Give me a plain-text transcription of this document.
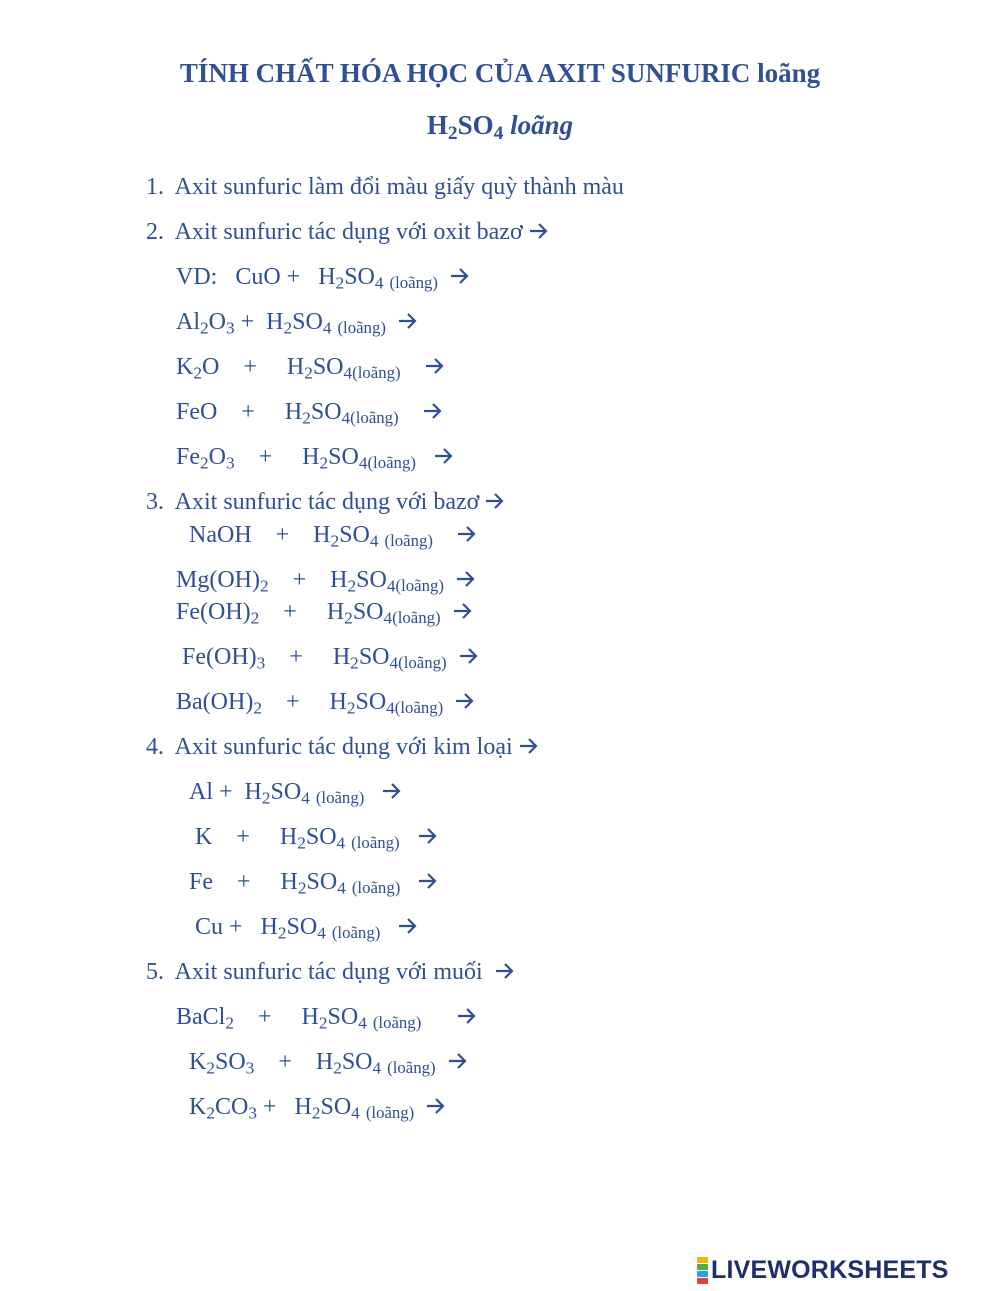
TÍNH CHẤT HÓA HỌC CỦA AXIT SUNFURIC loãng
$H_2SO_4$ loãng
1.  Axit sunfuric làm đổi màu giấy quỳ thành màu
2.  Axit sunfuric tác dụng với oxit bazơ
VD:   CuO +   $H_2SO_4$ $_{(loãng)}$
$Al_2O_3 + H_2SO_4$ $_{(loãng)}$
$K_2O$    +     $H_2SO_{4(loãng)}$
FeO    +     $H_2SO_{4(loãng)}$
$Fe_2O_3$    +     $H_2SO_{4(loãng)}$
3.  Axit sunfuric tác dụng với bazơ
NaOH    +    $H_2SO_4$ $_{(loãng)}$
$Mg(OH)_2$    +    $H_2SO_{4(loãng)}$
$Fe(OH)_2$    +     $H_2SO_{4(loãng)}$
$Fe(OH)_3$    +     $H_2SO_{4(loãng)}$
$Ba(OH)_2$    +     $H_2SO_{4(loãng)}$
4.  Axit sunfuric tác dụng với kim loại
$Al + H_2SO_4$ $_{(loãng)}$
K    +     $H_2SO_4$ $_{(loãng)}$
Fe    +     $H_2SO_4$ $_{(loãng)}$
$Cu + H_2SO_4$ $_{(loãng)}$
5.  Axit sunfuric tác dụng với muối
BaCl$_2$    +     $H_2SO_4$ $_{(loãng)}$
$K_2SO_3$    +    $H_2SO_4$ $_{(loãng)}$
$K_2CO_3 + H_2SO_4$ $_{(loãng)}$
LIVEWORKSHEETS
